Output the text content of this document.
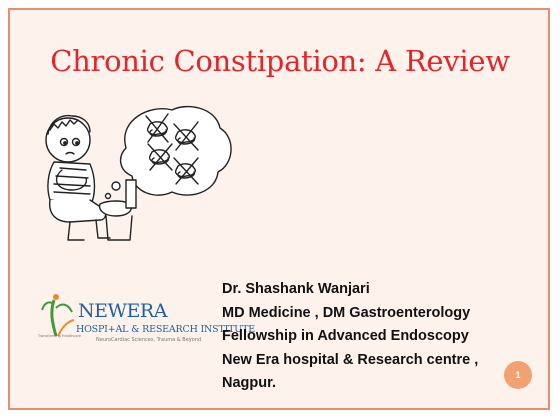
Chronic Constipation: A Review
NEWERA
HOSPI+AL & RESEARCH INSTITUTE
NeuroCardiac Sciences, Trauma & Beyond
Transforming Healthcare
Dr. Shashank Wanjari
MD Medicine , DM Gastroenterology
Fellowship in Advanced Endoscopy
New Era hospital & Research centre ,
Nagpur.	1
